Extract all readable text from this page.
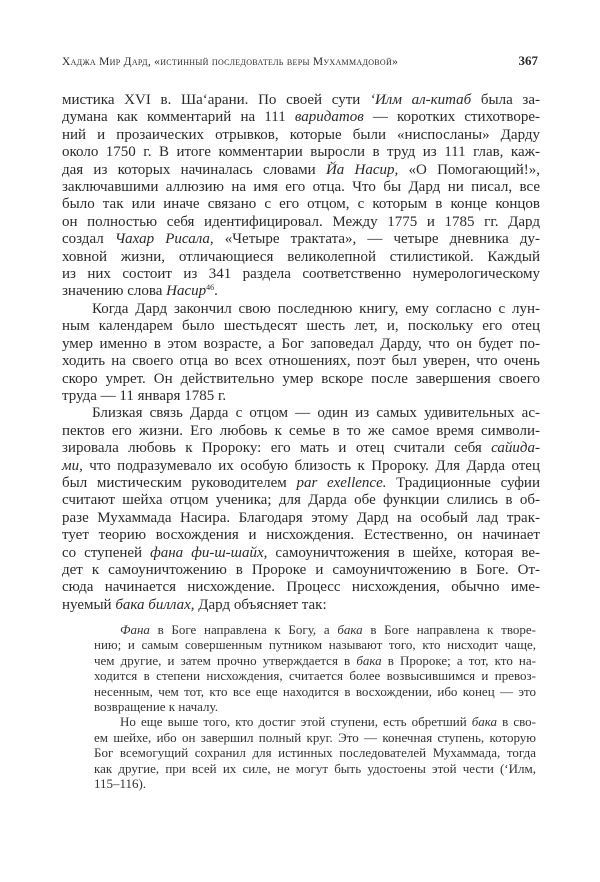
Хаджа Мир Дард, «истинный последователь веры Мухаммадовой»	367
мистика XVI в. Шаʻарани. По своей сути ʻИлм ал-китаб была за-
думана как комментарий на 111 варидатов — коротких стихотворе-
ний и прозаических отрывков, которые были «ниспосланы» Дарду
около 1750 г. В итоге комментарии выросли в труд из 111 глав, каж-
дая из которых начиналась словами Йа Насир, «О Помогающий!»,
заключавшими аллюзию на имя его отца. Что бы Дард ни писал, все
было так или иначе связано с его отцом, с которым в конце концов
он полностью себя идентифицировал. Между 1775 и 1785 гг. Дард
создал Чахар Рисала, «Четыре трактата», — четыре дневника ду-
ховной жизни, отличающиеся великолепной стилистикой. Каждый
из них состоит из 341 раздела соответственно нумерологическому
значению слова Насир$^{46}$.
Когда Дард закончил свою последнюю книгу, ему согласно с лун-
ным календарем было шестьдесят шесть лет, и, поскольку его отец
умер именно в этом возрасте, а Бог заповедал Дарду, что он будет по-
ходить на своего отца во всех отношениях, поэт был уверен, что очень
скоро умрет. Он действительно умер вскоре после завершения своего
труда — 11 января 1785 г.
Близкая связь Дарда с отцом — один из самых удивительных ас-
пектов его жизни. Его любовь к семье в то же самое время символи-
зировала любовь к Пророку: его мать и отец считали себя сайида-
ми, что подразумевало их особую близость к Пророку. Для Дарда отец
был мистическим руководителем par exellence. Традиционные суфии
считают шейха отцом ученика; для Дарда обе функции слились в об-
разе Мухаммада Насира. Благодаря этому Дард на особый лад трак-
тует теорию восхождения и нисхождения. Естественно, он начинает
со ступеней фана фи-ш-шайх, самоуничтожения в шейхе, которая ве-
дет к самоуничтожению в Пророке и самоуничтожению в Боге. От-
сюда начинается нисхождение. Процесс нисхождения, обычно име-
нуемый бака биллах, Дард объясняет так:
Фана в Боге направлена к Богу, а бака в Боге направлена к творе-
нию; и самым совершенным путником называют того, кто нисходит чаще,
чем другие, и затем прочно утверждается в бака в Пророке; а тот, кто на-
ходится в степени нисхождения, считается более возвысившимся и превоз-
несенным, чем тот, кто все еще находится в восхождении, ибо конец — это
возвращение к началу.
Но еще выше того, кто достиг этой ступени, есть обретший бака в сво-
ем шейхе, ибо он завершил полный круг. Это — конечная ступень, которую
Бог всемогущий сохранил для истинных последователей Мухаммада, тогда
как другие, при всей их силе, не могут быть удостоены этой чести (ʻИлм,
115–116).
